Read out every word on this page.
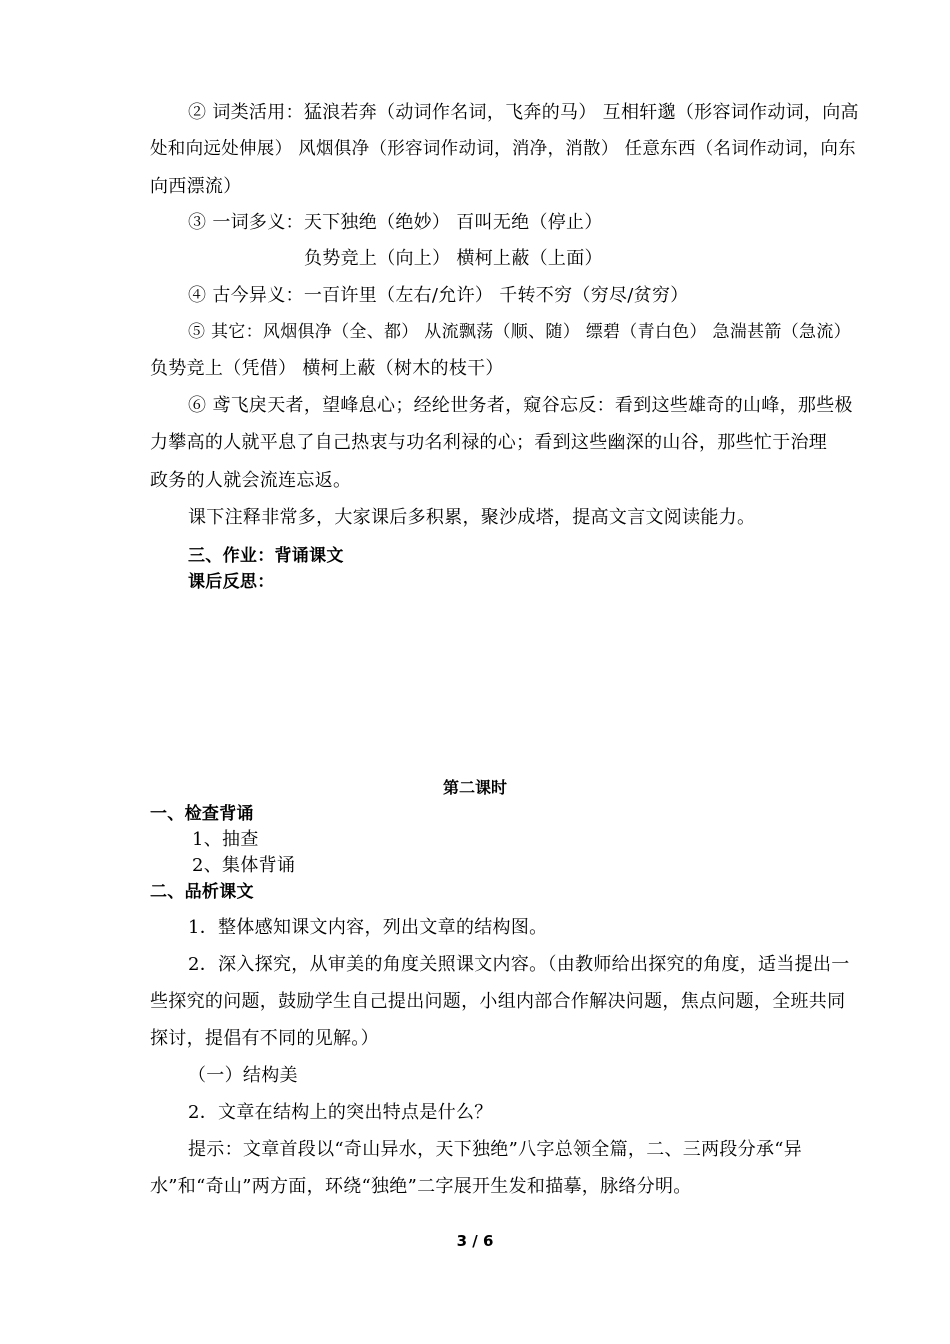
② 词类活用：猛浪若奔（动词作名词，飞奔的马） 互相轩邈（形容词作动词，向高
处和向远处伸展） 风烟俱净（形容词作动词，消净，消散） 任意东西（名词作动词，向东
向西漂流）
③ 一词多义：天下独绝（绝妙） 百叫无绝（停止）
负势竞上（向上） 横柯上蔽（上面）
④ 古今异义：一百许里（左右/允许） 千转不穷（穷尽/贫穷）
⑤ 其它：风烟俱净（全、都） 从流飘荡（顺、随） 缥碧（青白色） 急湍甚箭（急流）
负势竞上（凭借） 横柯上蔽（树木的枝干）
⑥ 鸢飞戾天者，望峰息心；经纶世务者，窥谷忘反：看到这些雄奇的山峰，那些极
力攀高的人就平息了自己热衷与功名利禄的心；看到这些幽深的山谷，那些忙于治理
政务的人就会流连忘返。
课下注释非常多，大家课后多积累，聚沙成塔，提高文言文阅读能力。
三、作业：背诵课文
课后反思：
第二课时
一、检查背诵
1、抽查
2、集体背诵
二、品析课文
1．整体感知课文内容，列出文章的结构图。
2．深入探究，从审美的角度关照课文内容。（由教师给出探究的角度，适当提出一
些探究的问题，鼓励学生自己提出问题，小组内部合作解决问题，焦点问题，全班共同
探讨，提倡有不同的见解。）
（一）结构美
2．文章在结构上的突出特点是什么？
提示：文章首段以“奇山异水，天下独绝”八字总领全篇，二、三两段分承“异
水”和“奇山”两方面，环绕“独绝”二字展开生发和描摹，脉络分明。
3 / 6
